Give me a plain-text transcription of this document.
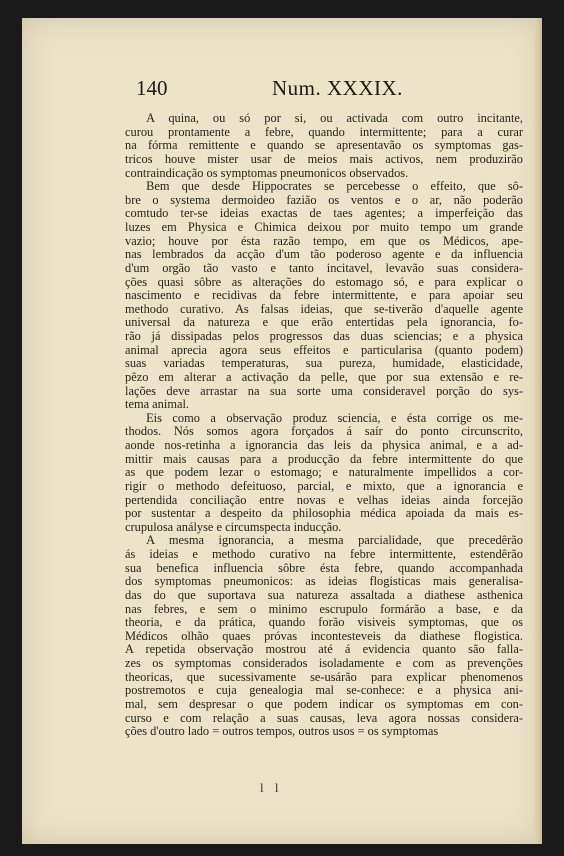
140	Num. XXXIX.
A quina, ou só por si, ou activada com outro incitante,
curou prontamente a febre, quando intermittente; para a curar
na fórma remittente e quando se apresentavão os symptomas gas-
tricos houve mister usar de meios mais activos, nem produzirão
contraindicação os symptomas pneumonicos observados.
Bem que desde Hippocrates se percebesse o effeito, que sô-
bre o systema dermoideo fazião os ventos e o ar, não poderão
comtudo ter-se ideias exactas de taes agentes; a imperfeição das
luzes em Physica e Chimica deixou por muito tempo um grande
vazio; houve por ésta razão tempo, em que os Médicos, ape-
nas lembrados da acção d'um tão poderoso agente e da influencia
d'um orgão tão vasto e tanto incitavel, levavão suas considera-
ções quasi sôbre as alterações do estomago só, e para explicar o
nascimento e recidivas da febre intermittente, e para apoiar seu
methodo curativo. As falsas ideias, que se-tiverão d'aquelle agente
universal da natureza e que erão entertidas pela ignorancia, fo-
rão já dissipadas pelos progressos das duas sciencias; e a physica
animal aprecia agora seus effeitos e particularisa (quanto podem)
suas variadas temperaturas, sua pureza, humidade, elasticidade,
pêzo em alterar a activação da pelle, que por sua extensão e re-
lações deve arrastar na sua sorte uma consideravel porção do sys-
tema animal.
Eis como a observação produz sciencia, e ésta corrige os me-
thodos. Nós somos agora forçados á saír do ponto circunscrito,
aonde nos-retinha a ignorancia das leis da physica animal, e a ad-
mittir mais causas para a producção da febre intermittente do que
as que podem lezar o estomago; e naturalmente impellidos a cor-
rigir o methodo defeituoso, parcial, e mixto, que a ignorancia e
pertendida conciliação entre novas e velhas ideias ainda forcejão
por sustentar a despeito da philosophia médica apoiada da mais es-
crupulosa anályse e circumspecta inducção.
A mesma ignorancia, a mesma parcialidade, que precedêrão
ás ideias e methodo curativo na febre intermittente, estendêrão
sua benefica influencia sôbre ésta febre, quando accompanhada
dos symptomas pneumonicos: as ideias flogisticas mais generalisa-
das do que suportava sua natureza assaltada a diathese asthenica
nas febres, e sem o minimo escrupulo formárão a base, e da
theoria, e da prática, quando forão visiveis symptomas, que os
Médicos olhão quaes próvas incontesteveis da diathese flogistica.
A repetida observação mostrou até á evidencia quanto são falla-
zes os symptomas considerados isoladamente e com as prevenções
theoricas, que sucessivamente se-usárão para explicar phenomenos
postremotos e cuja genealogia mal se-conhece: e a physica ani-
mal, sem despresar o que podem indicar os symptomas em con-
curso e com relação a suas causas, leva agora nossas considera-
ções d'outro lado = outros tempos, outros usos = os symptomas
l l
